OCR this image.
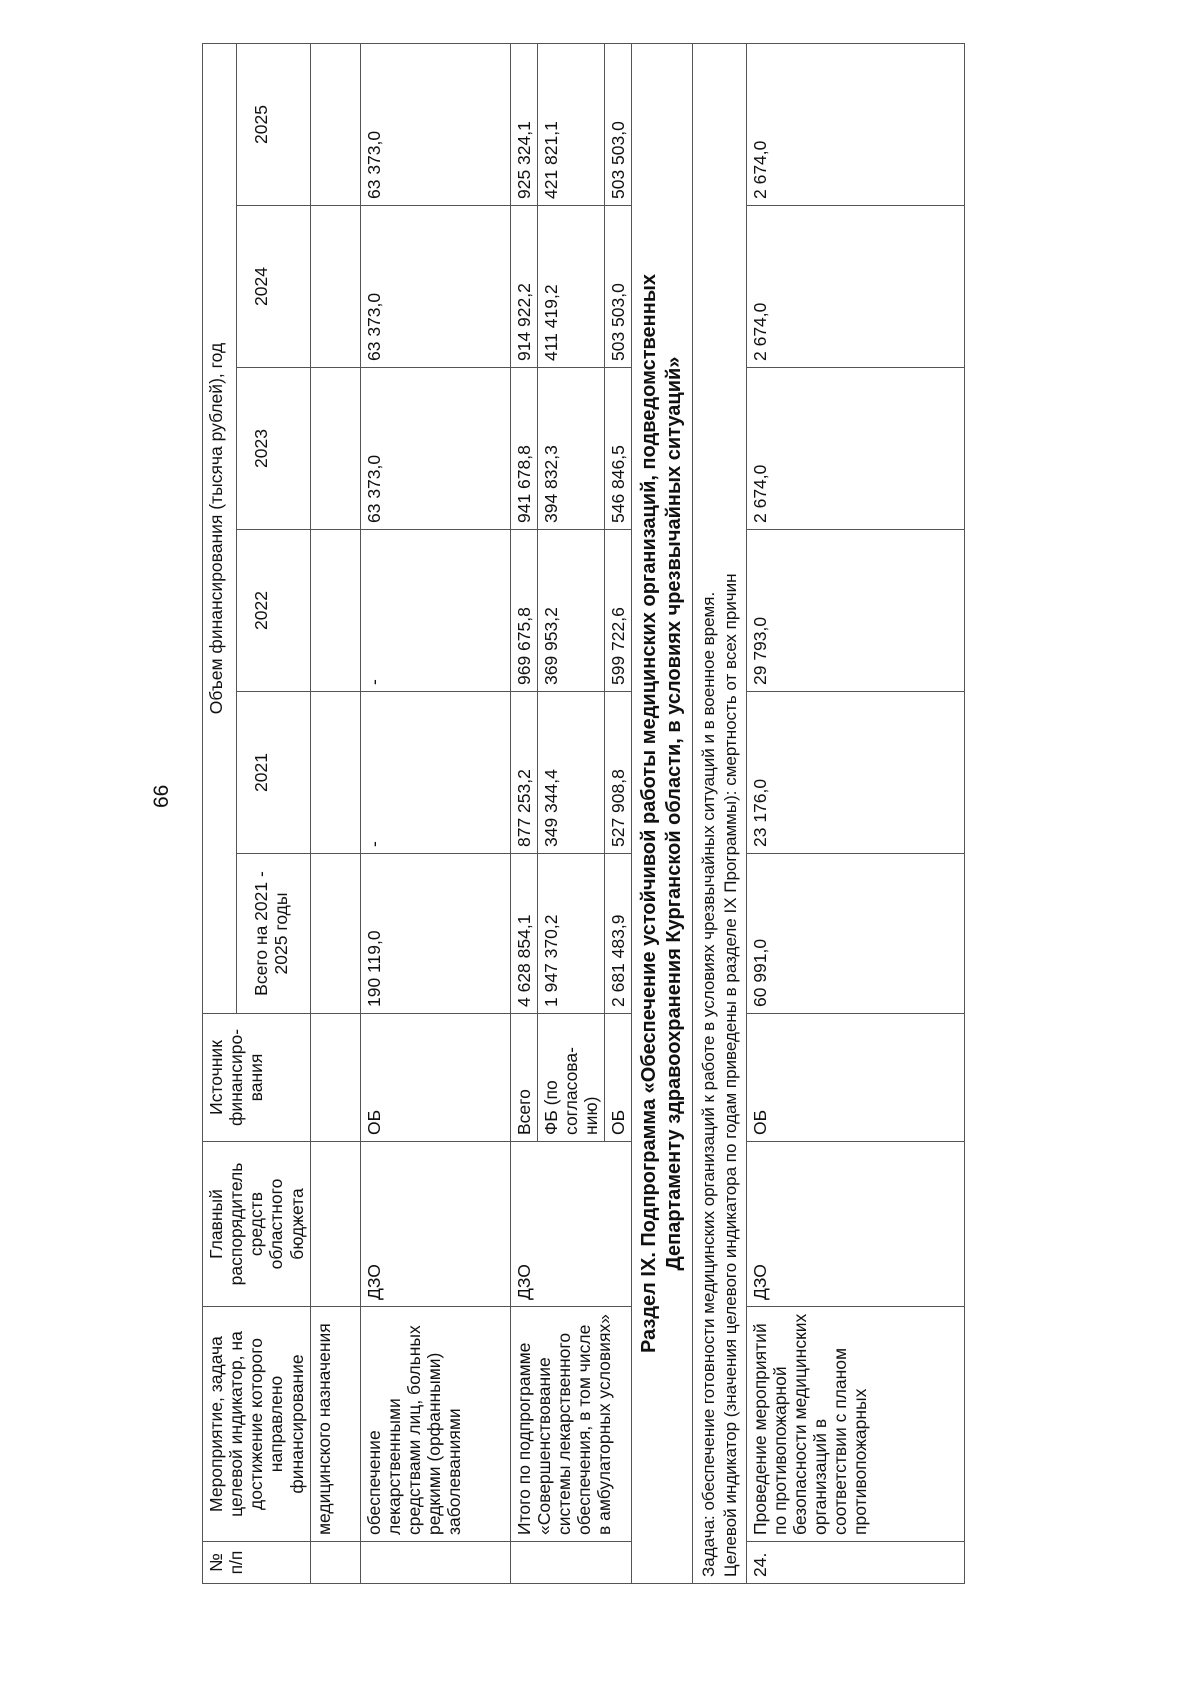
66
№ п/п	Мероприятие, задача целевой индикатор, на достижение которого направлено финансирование	Главный распорядитель средств областного бюджета	Источник финансиро-вания	Объем финансирования (тысяча рублей), год					
				Всего на 2021 - 2025 годы	2021	2022	2023	2024	2025
	медицинского назначения								
	обеспечение лекарственными средствами лиц, больных редкими (орфанными) заболеваниями	ДЗО	ОБ	190 119,0	-	-	63 373,0	63 373,0	63 373,0
	Итого по подпрограмме «Совершенствование системы лекарственного обеспечения, в том числе в амбулаторных условиях»	ДЗО	Всего	4 628 854,1	877 253,2	969 675,8	941 678,8	914 922,2	925 324,1
			ФБ (по согласова-нию)	1 947 370,2	349 344,4	369 953,2	394 832,3	411 419,2	421 821,1
			ОБ	2 681 483,9	527 908,8	599 722,6	546 846,5	503 503,0	503 503,0

Раздел IX. Подпрограмма «Обеспечение устойчивой работы медицинских организаций, подведомственных Департаменту здравоохранения Курганской области, в условиях чрезвычайных ситуаций»									

Задача: обеспечение готовности медицинских организаций к работе в условиях чрезвычайных ситуаций и в военное время. Целевой индикатор (значения целевого индикатора по годам приведены в разделе IX Программы): смертность от всех причин									

24.	Проведение мероприятий по противопожарной безопасности медицинских организаций в соответствии с планом противопожарных	ДЗО	ОБ	60 991,0	23 176,0	29 793,0	2 674,0	2 674,0	2 674,0
